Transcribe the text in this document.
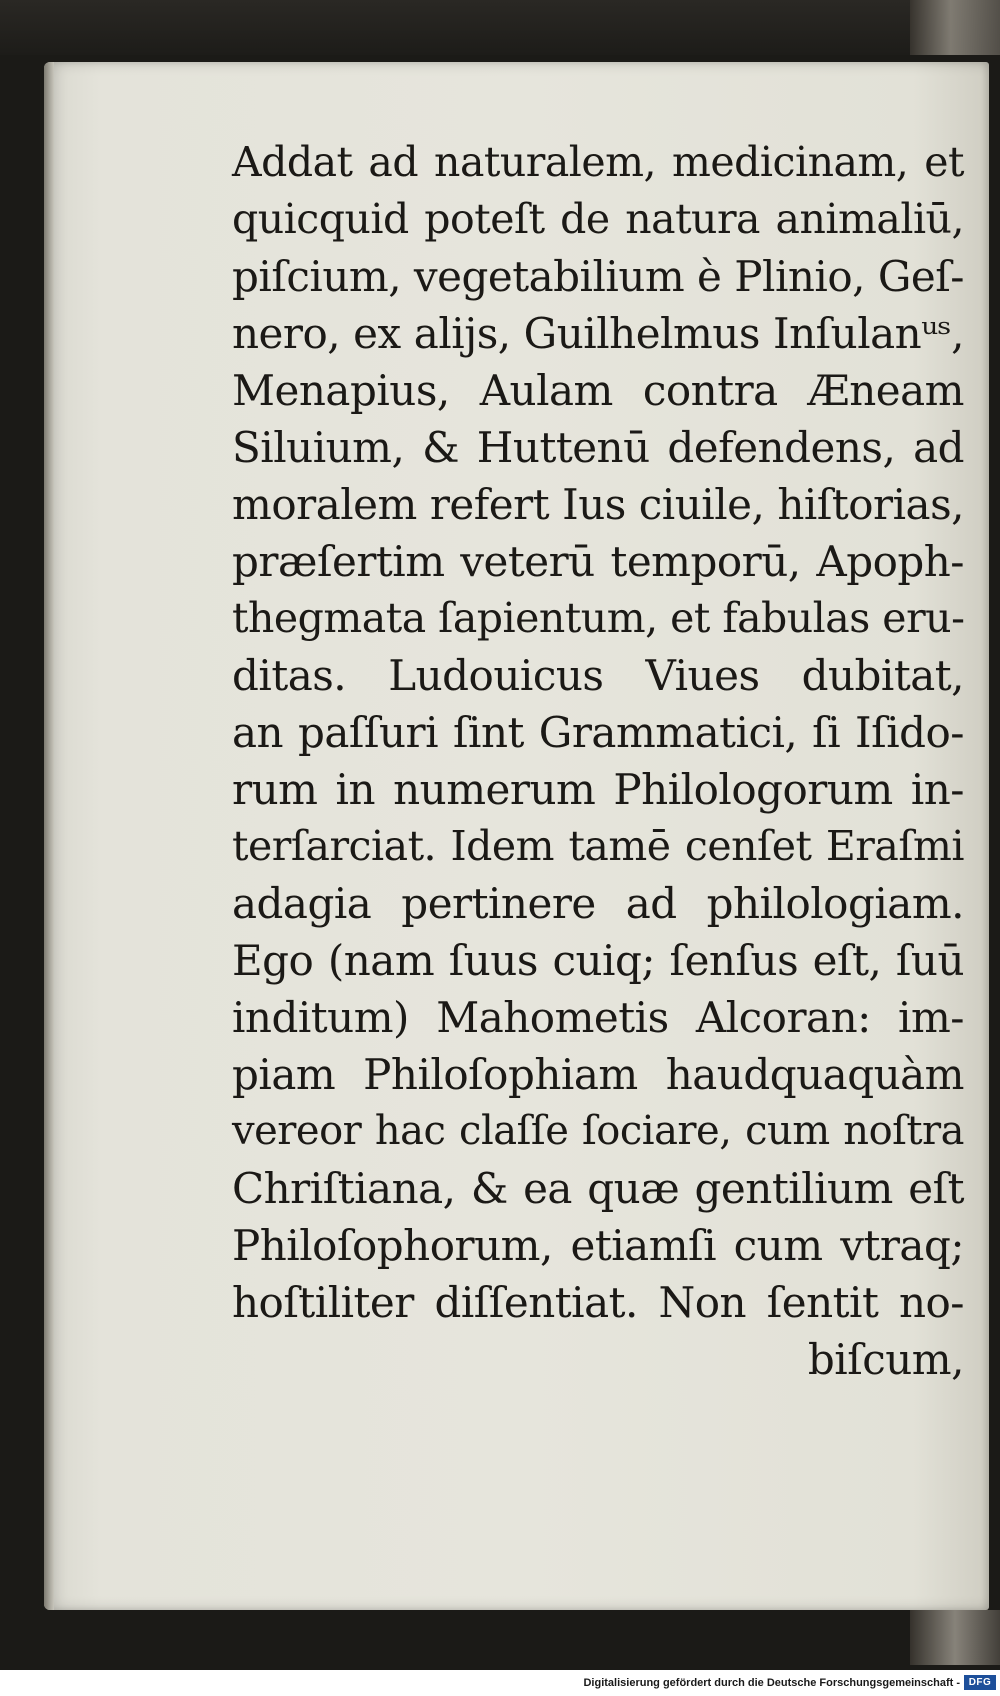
Addat ad naturalem, medicinam, et
quicquid poteſt de natura animaliū,
piſcium, vegetabilium è Plinio, Geſ-
nero, ex alijs, Guilhelmus Inſulanᵘˢ,
Menapius, Aulam contra Æneam
Siluium, & Huttenū defendens, ad
moralem refert Ius ciuile, hiſtorias,
præſertim veterū temporū, Apoph-
thegmata ſapientum, et fabulas eru-
ditas. Ludouicus Viues dubitat,
an paſſuri ſint Grammatici, ſi Iſido-
rum in numerum Philologorum in-
terſarciat. Idem tamē cenſet Eraſmi
adagia pertinere ad philologiam.
Ego (nam ſuus cuiq; ſenſus eſt, ſuū
inditum) Mahometis Alcoran: im-
piam Philoſophiam haudquaquàm
vereor hac claſſe ſociare, cum noſtra
Chriſtiana, & ea quæ gentilium eſt
Philoſophorum, etiamſi cum vtraq;
hoſtiliter diſſentiat. Non ſentit no-
biſcum,
Digitalisierung gefördert durch die Deutsche Forschungsgemeinschaft - DFG
